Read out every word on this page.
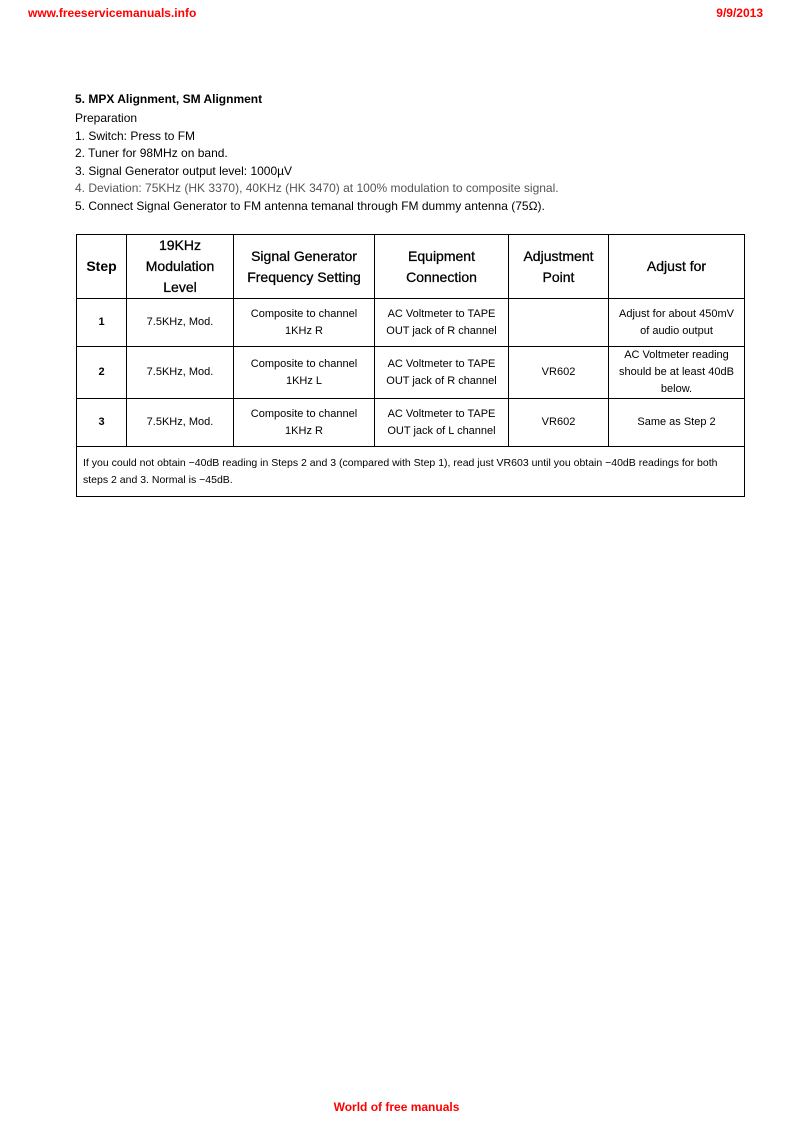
www.freeservicemanuals.info	9/9/2013
5. MPX Alignment, SM Alignment
Preparation
1. Switch: Press to FM
2. Tuner for 98MHz on band.
3. Signal Generator output level: 1000µV
4. Deviation: 75KHz (HK 3370), 40KHz (HK 3470) at 100% modulation to composite signal.
5. Connect Signal Generator to FM antenna temanal through FM dummy antenna (75Ω).
Step	19KHz Modulation Level	Signal Generator Frequency Setting	Equipment Connection	Adjustment Point	Adjust for
1	7.5KHz, Mod.	Composite to channel 1KHz R	AC Voltmeter to TAPE OUT jack of R channel		Adjust for about 450mV of audio output
2	7.5KHz, Mod.	Composite to channel 1KHz L	AC Voltmeter to TAPE OUT jack of R channel	VR602	AC Voltmeter reading should be at least 40dB below.
3	7.5KHz, Mod.	Composite to channel 1KHz R	AC Voltmeter to TAPE OUT jack of L channel	VR602	Same as Step 2
If you could not obtain −40dB reading in Steps 2 and 3 (compared with Step 1), read just VR603 until you obtain −40dB readings for both steps 2 and 3. Normal is −45dB.					
World of free manuals
